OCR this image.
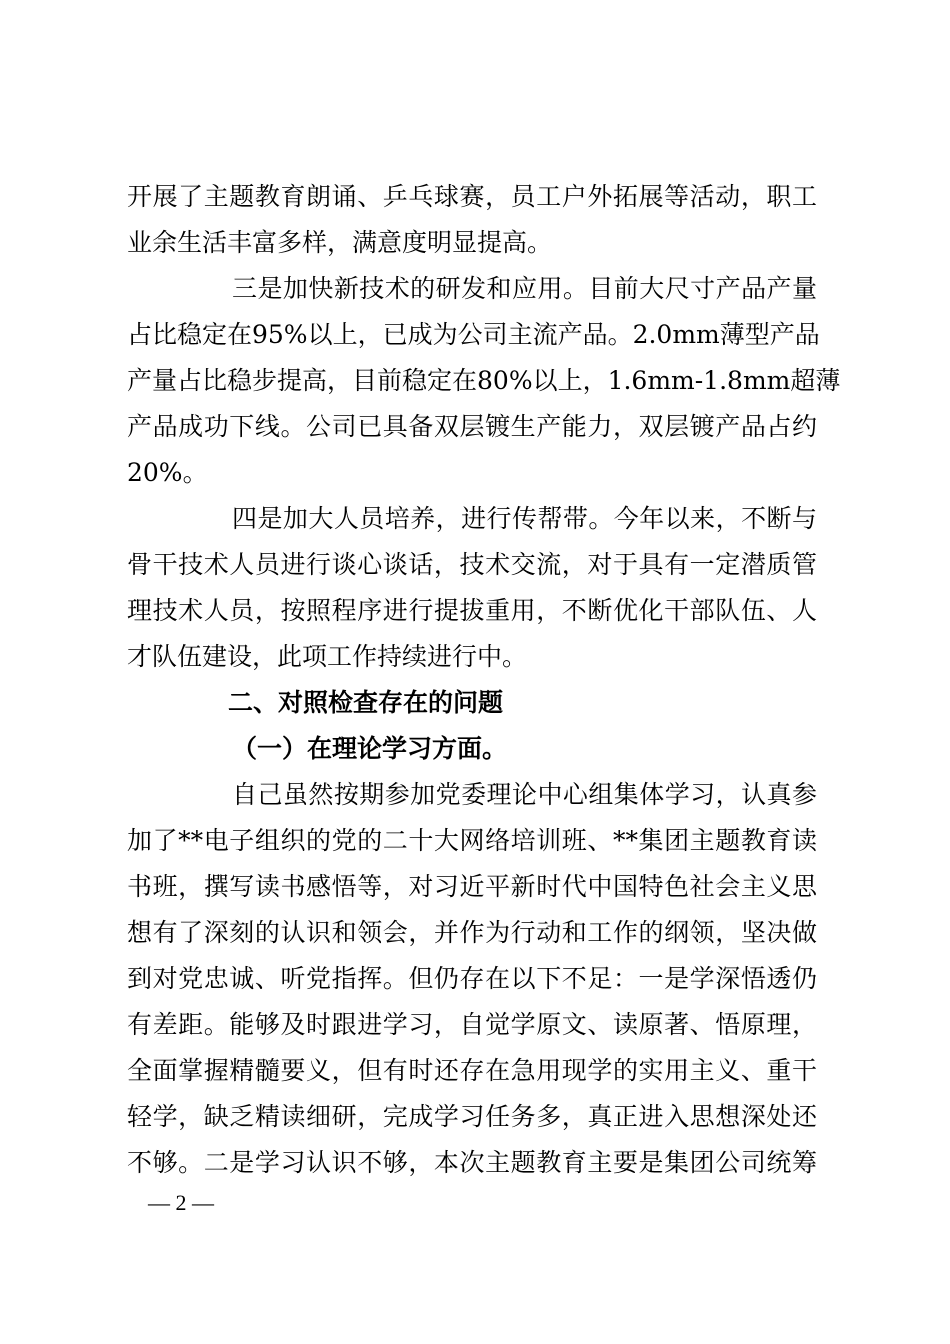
开展了主题教育朗诵、乒乓球赛，员工户外拓展等活动，职工
业余生活丰富多样，满意度明显提高。
三是加快新技术的研发和应用。目前大尺寸产品产量
占比稳定在95%以上，已成为公司主流产品。2.0mm薄型产品
产量占比稳步提高，目前稳定在80%以上，1.6mm-1.8mm超薄
产品成功下线。公司已具备双层镀生产能力，双层镀产品占约
20%。
四是加大人员培养，进行传帮带。今年以来，不断与
骨干技术人员进行谈心谈话，技术交流，对于具有一定潜质管
理技术人员，按照程序进行提拔重用，不断优化干部队伍、人
才队伍建设，此项工作持续进行中。
二、对照检查存在的问题
（一）在理论学习方面。
自己虽然按期参加党委理论中心组集体学习，认真参
加了**电子组织的党的二十大网络培训班、**集团主题教育读
书班，撰写读书感悟等，对习近平新时代中国特色社会主义思
想有了深刻的认识和领会，并作为行动和工作的纲领，坚决做
到对党忠诚、听党指挥。但仍存在以下不足：一是学深悟透仍
有差距。能够及时跟进学习，自觉学原文、读原著、悟原理，
全面掌握精髓要义，但有时还存在急用现学的实用主义、重干
轻学，缺乏精读细研，完成学习任务多，真正进入思想深处还
不够。二是学习认识不够，本次主题教育主要是集团公司统筹
— 2 —
